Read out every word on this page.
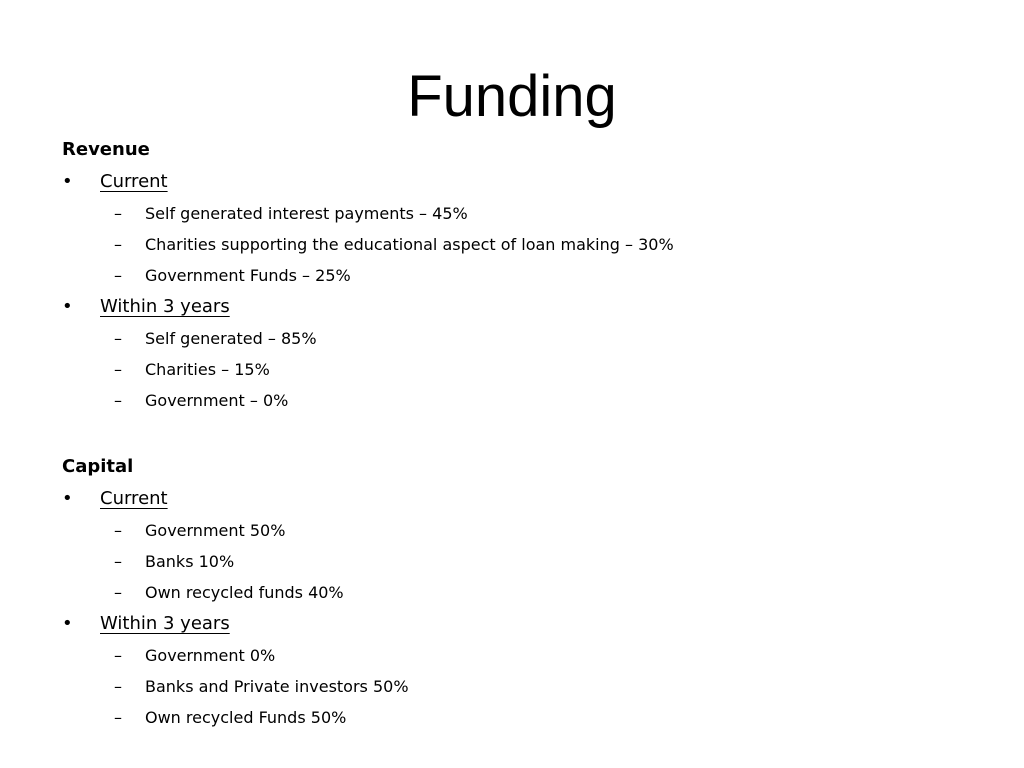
Funding
Revenue
• Current
– Self generated interest payments – 45%
– Charities supporting the educational aspect of loan making – 30%
– Government Funds – 25%
• Within 3 years
– Self generated – 85%
– Charities – 15%
– Government – 0%
Capital
• Current
– Government 50%
– Banks 10%
– Own recycled funds 40%
• Within 3 years
– Government 0%
– Banks and Private investors 50%
– Own recycled Funds 50%
